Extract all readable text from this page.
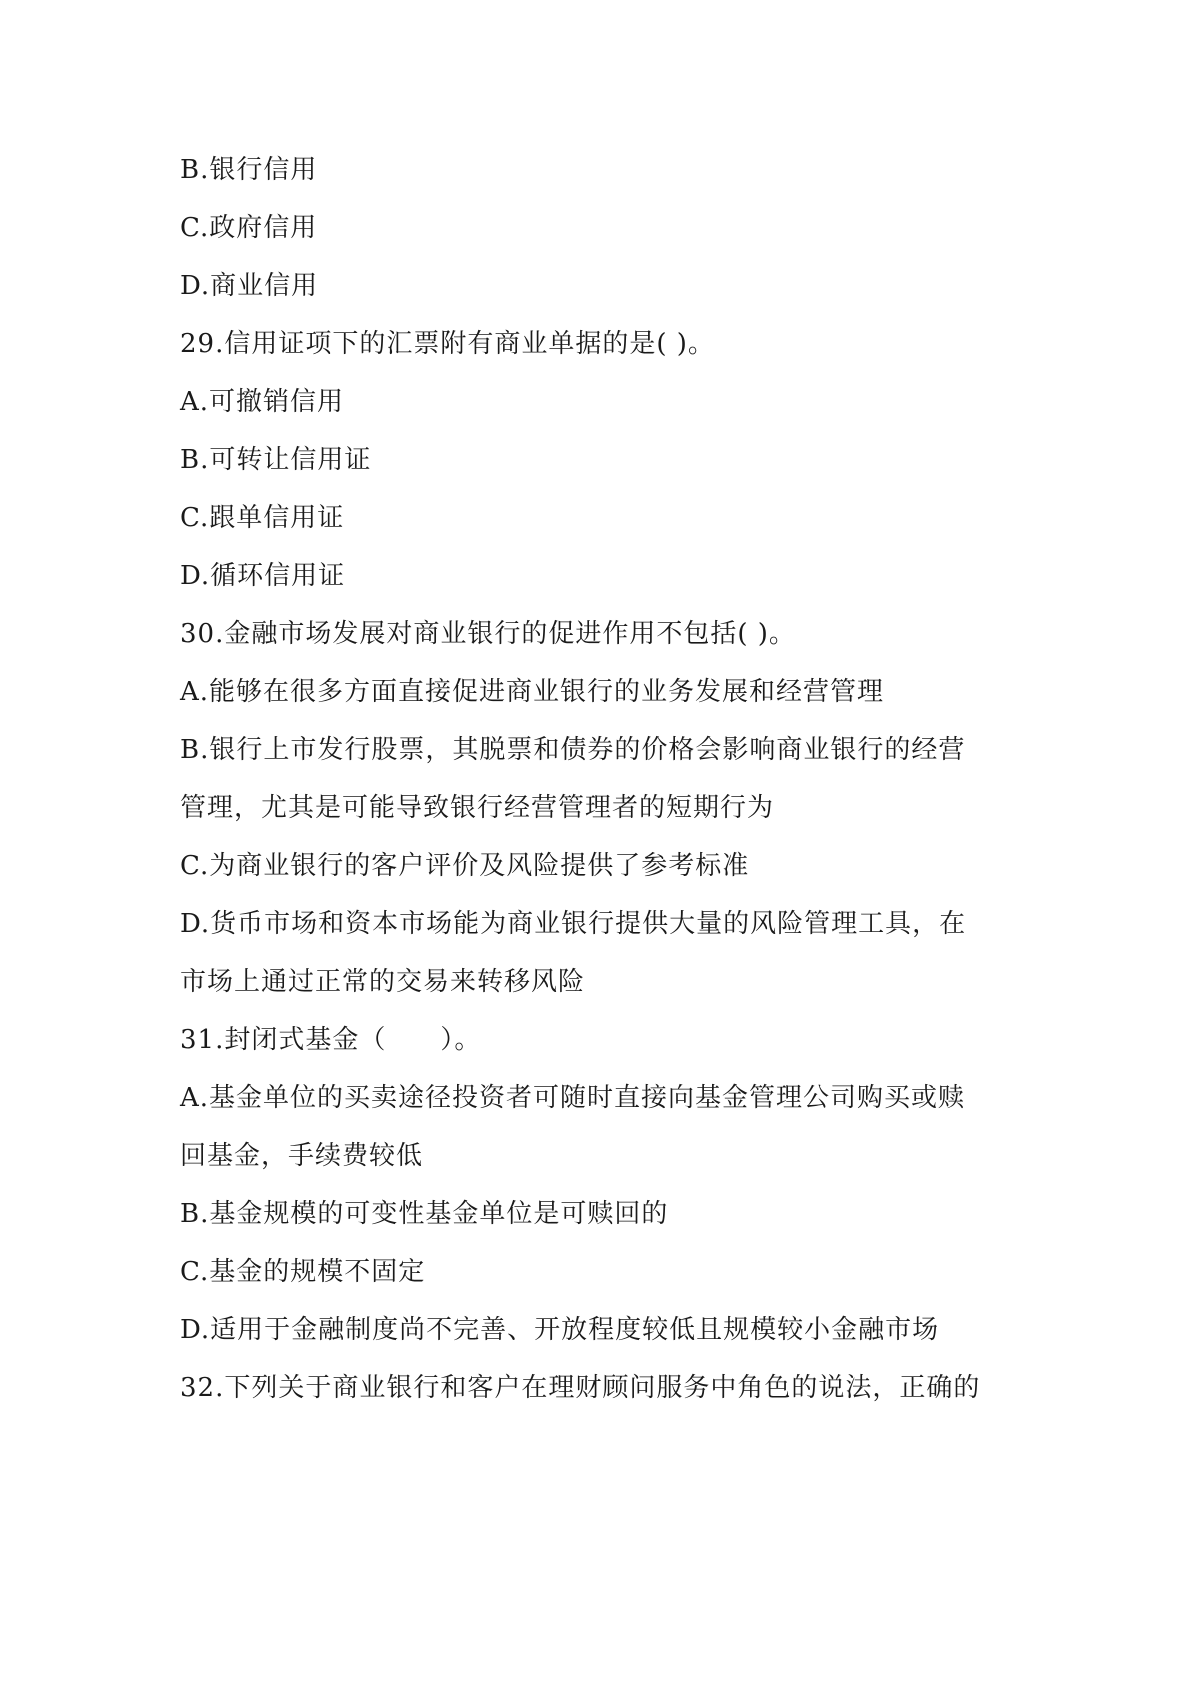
B.银行信用
C.政府信用
D.商业信用
29.信用证项下的汇票附有商业单据的是( )。
A.可撤销信用
B.可转让信用证
C.跟单信用证
D.循环信用证
30.金融市场发展对商业银行的促进作用不包括( )。
A.能够在很多方面直接促进商业银行的业务发展和经营管理
B.银行上市发行股票，其脱票和债券的价格会影响商业银行的经营
管理，尤其是可能导致银行经营管理者的短期行为
C.为商业银行的客户评价及风险提供了参考标准
D.货币市场和资本市场能为商业银行提供大量的风险管理工具，在
市场上通过正常的交易来转移风险
31.封闭式基金（　　）。
A.基金单位的买卖途径投资者可随时直接向基金管理公司购买或赎
回基金，手续费较低
B.基金规模的可变性基金单位是可赎回的
C.基金的规模不固定
D.适用于金融制度尚不完善、开放程度较低且规模较小金融市场
32.下列关于商业银行和客户在理财顾问服务中角色的说法，正确的
